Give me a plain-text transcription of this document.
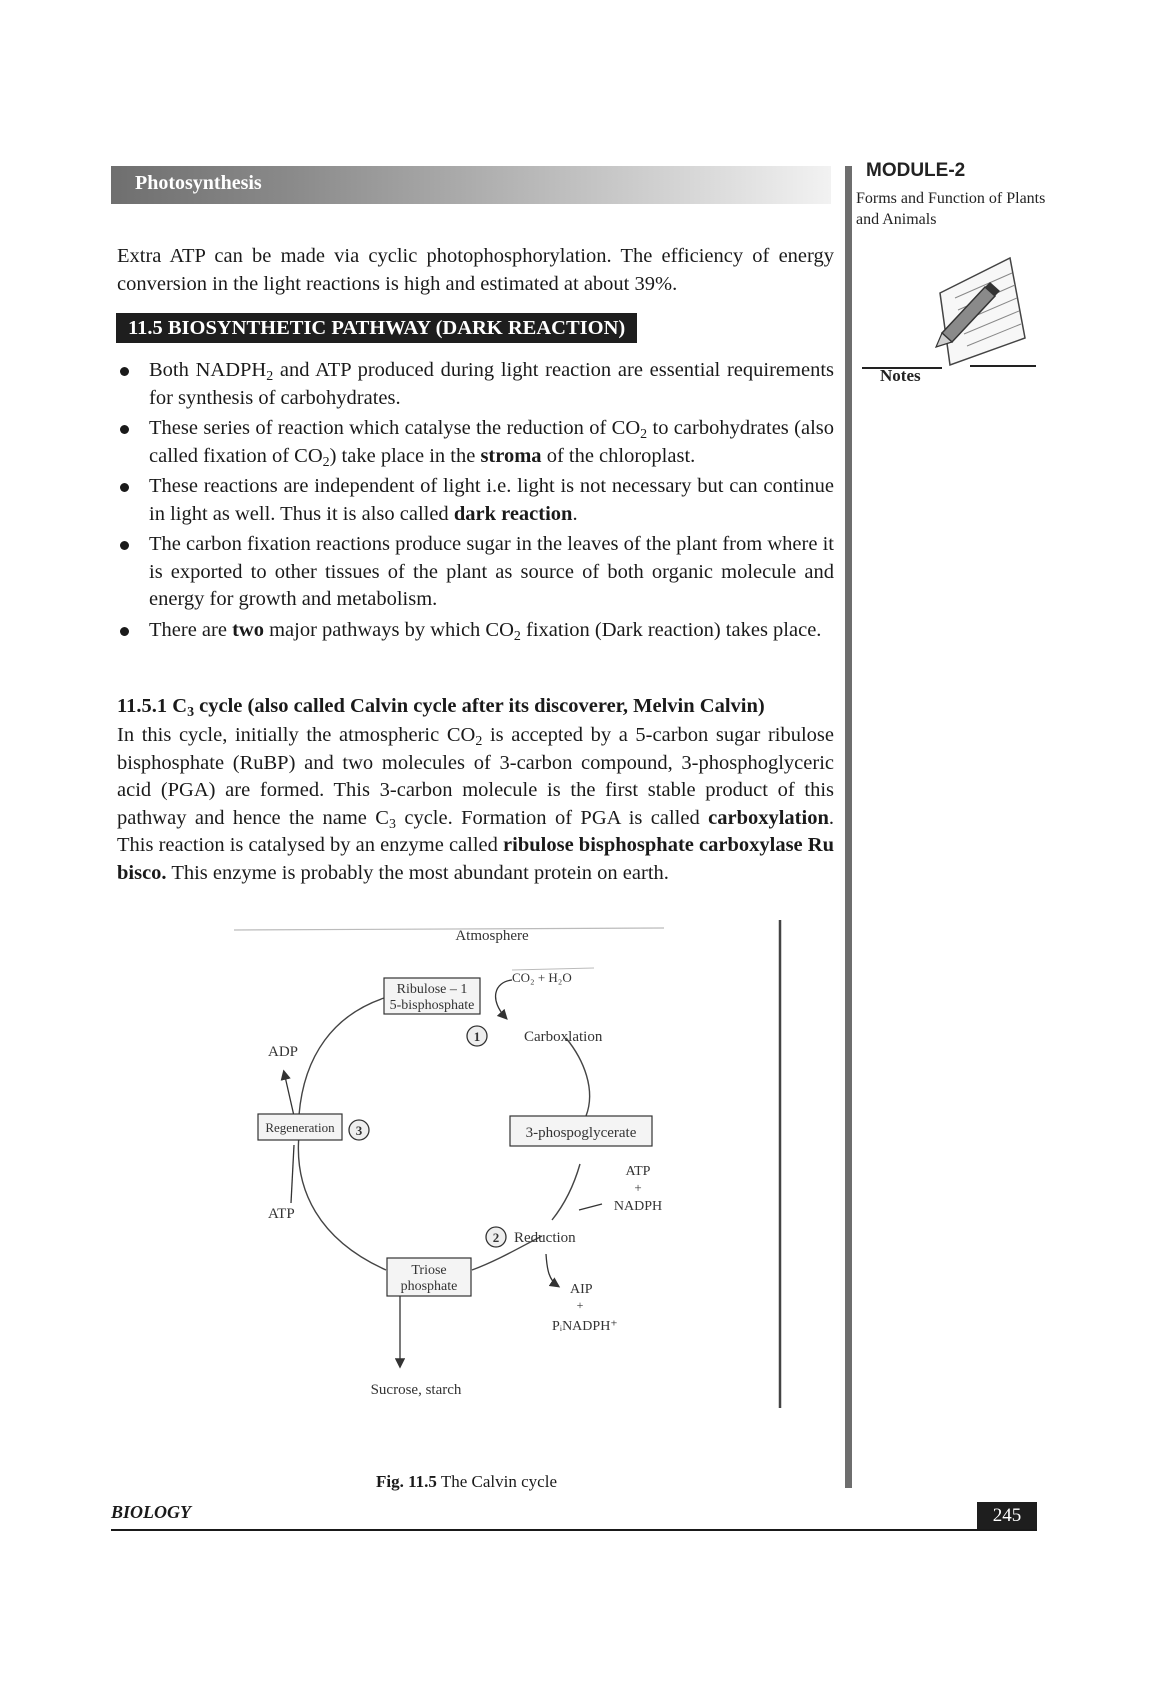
Photosynthesis
MODULE-2
Forms and Function of Plants and Animals
Notes
Extra ATP can be made via cyclic photophosphorylation. The efficiency of energy conversion in the light reactions is high and estimated at about 39%.
11.5 BIOSYNTHETIC PATHWAY (DARK REACTION)
Both $NADPH_2$ and ATP produced during light reaction are essential requirements for synthesis of carbohydrates.
These series of reaction which catalyse the reduction of $CO_2$ to carbohydrates (also called fixation of $CO_2$) take place in the stroma of the chloroplast.
These reactions are independent of light i.e. light is not necessary but can continue in light as well. Thus it is also called dark reaction.
The carbon fixation reactions produce sugar in the leaves of the plant from where it is exported to other tissues of the plant as source of both organic molecule and energy for growth and metabolism.
There are two major pathways by which $CO_2$ fixation (Dark reaction) takes place.
11.5.1 $C_3$ cycle (also called Calvin cycle after its discoverer, Melvin Calvin)
In this cycle, initially the atmospheric $CO_2$ is accepted by a 5-carbon sugar ribulose bisphosphate (RuBP) and two molecules of 3-carbon compound, 3-phosphoglyceric acid (PGA) are formed. This 3-carbon molecule is the first stable product of this pathway and hence the name $C_3$ cycle. Formation of PGA is called carboxylation. This reaction is catalysed by an enzyme called ribulose bisphosphate carboxylase Ru bisco. This enzyme is probably the most abundant protein on earth.
Atmosphere
Ribulose – 1
5-bisphosphate
CO₂ + H₂O
1	Carboxlation
ADP
Regeneration 3	3-phospoglycerate
ATP
+
NADPH
ATP
2 Reduction
Triose
phosphate	AIP
+
PᵢNADPH⁺
Sucrose, starch
Fig. 11.5 The Calvin cycle
BIOLOGY	245
